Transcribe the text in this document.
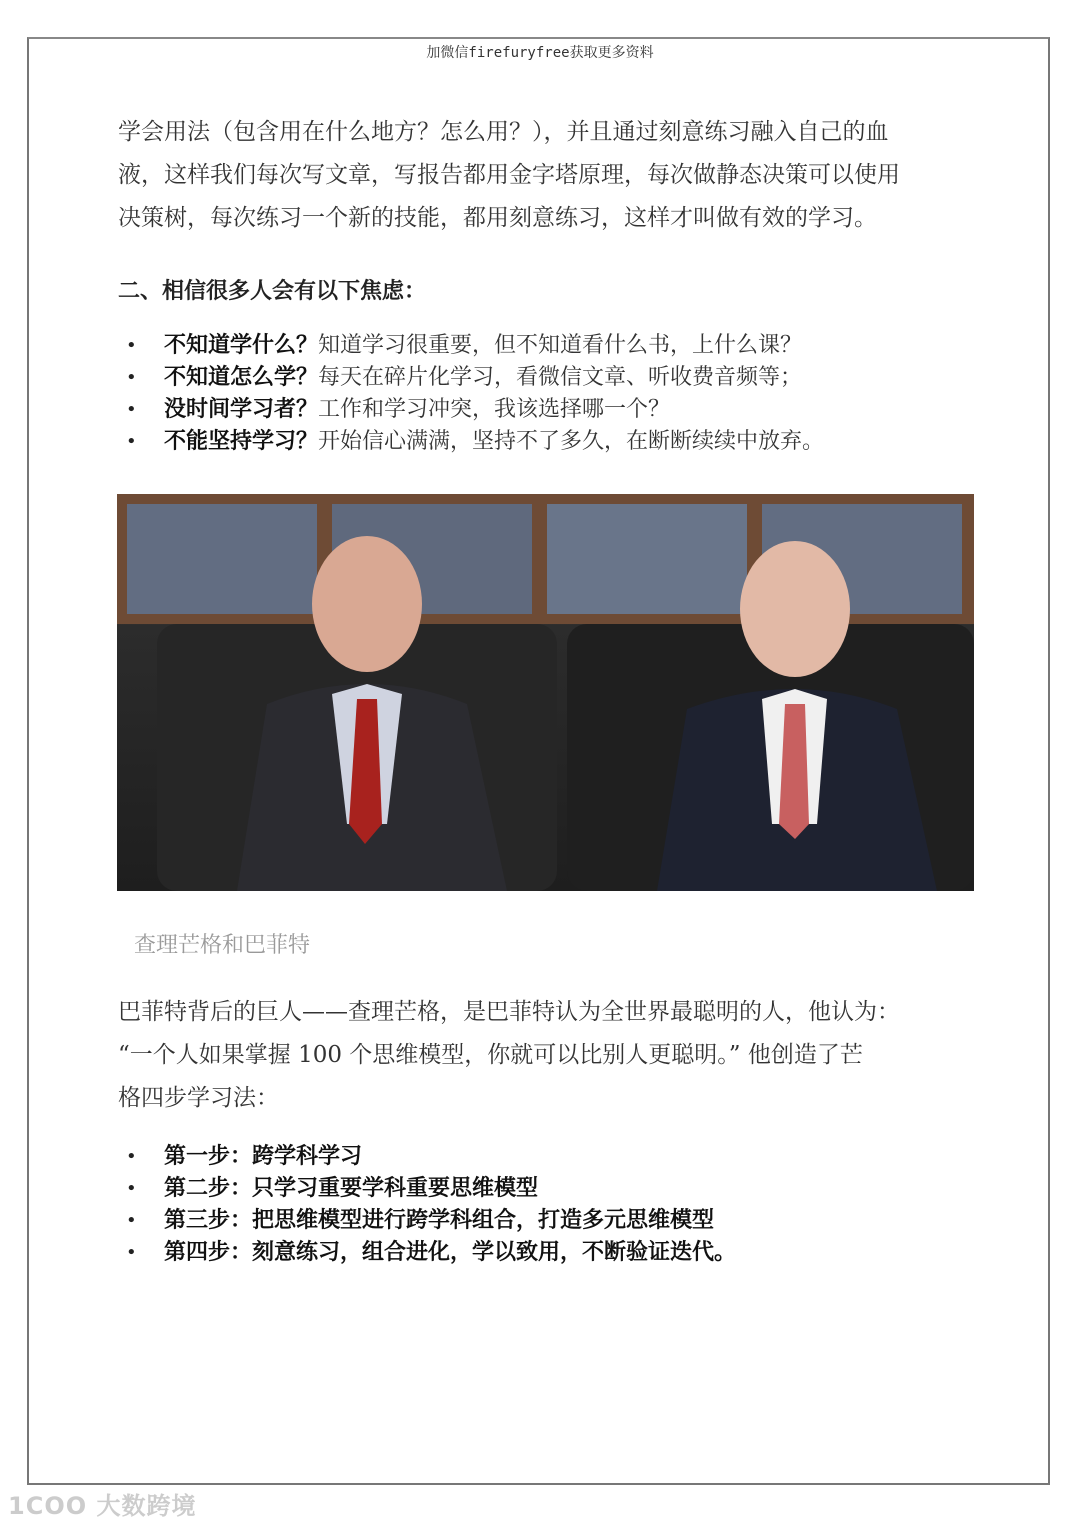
加微信firefuryfree获取更多资料
学会用法（包含用在什么地方？怎么用？），并且通过刻意练习融入自己的血
液，这样我们每次写文章，写报告都用金字塔原理，每次做静态决策可以使用
决策树，每次练习一个新的技能，都用刻意练习，这样才叫做有效的学习。
二、相信很多人会有以下焦虑：
• 不知道学什么？知道学习很重要，但不知道看什么书，上什么课？
• 不知道怎么学？每天在碎片化学习，看微信文章、听收费音频等；
• 没时间学习者？工作和学习冲突，我该选择哪一个？
• 不能坚持学习？开始信心满满，坚持不了多久，在断断续续中放弃。
查理芒格和巴菲特
巴菲特背后的巨人——查理芒格，是巴菲特认为全世界最聪明的人，他认为：
“一个人如果掌握 100 个思维模型，你就可以比别人更聪明。” 他创造了芒
格四步学习法：
• 第一步：跨学科学习
• 第二步：只学习重要学科重要思维模型
• 第三步：把思维模型进行跨学科组合，打造多元思维模型
• 第四步：刻意练习，组合进化，学以致用，不断验证迭代。
1COO 大数跨境
